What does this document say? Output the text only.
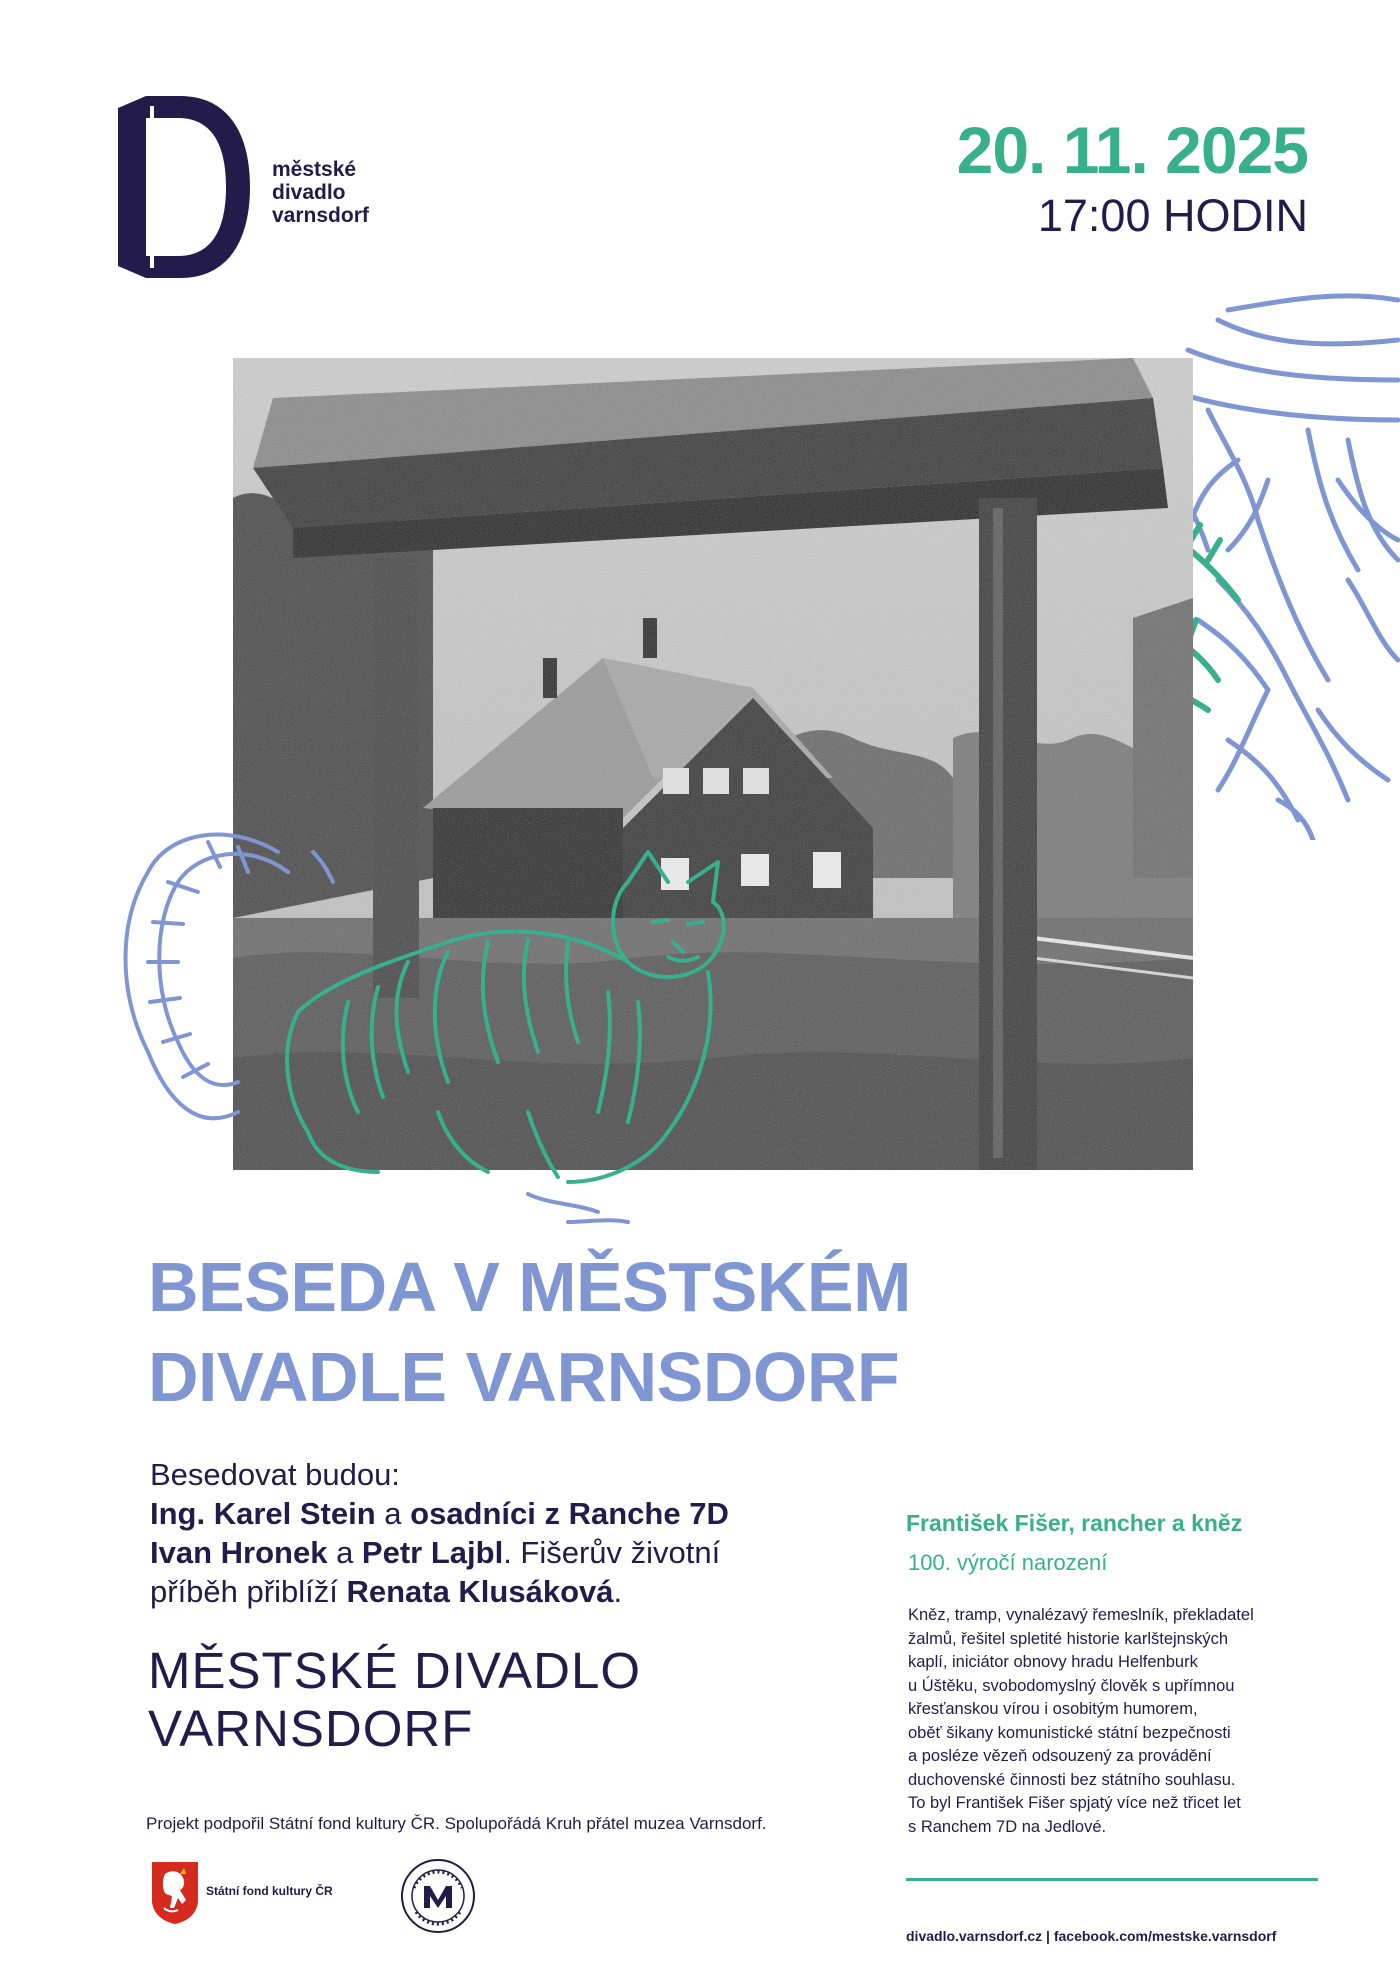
městské
divadlo
varnsdorf
20. 11. 2025
17:00 HODIN
BESEDA V MĚSTSKÉM
DIVADLE VARNSDORF
Besedovat budou:
Ing. Karel Stein a osadníci z Ranche 7D
Ivan Hronek a Petr Lajbl. Fišerův životní příběh přiblíží Renata Klusáková.
MĚSTSKÉ DIVADLO
VARNSDORF
Projekt podpořil Státní fond kultury ČR. Spolupořádá Kruh přátel muzea Varnsdorf.
Státní fond kultury ČR
František Fišer, rancher a kněz
100. výročí narození
Kněz, tramp, vynalézavý řemeslník, překladatel
žalmů, řešitel spletité historie karlštejnských
kaplí, iniciátor obnovy hradu Helfenburk
u Úštěku, svobodomyslný člověk s upřímnou
křesťanskou vírou i osobitým humorem,
oběť šikany komunistické státní bezpečnosti
a posléze vězeň odsouzený za provádění
duchovenské činnosti bez státního souhlasu.
To byl František Fišer spjatý více než třicet let
s Ranchem 7D na Jedlové.
divadlo.varnsdorf.cz | facebook.com/mestske.varnsdorf
